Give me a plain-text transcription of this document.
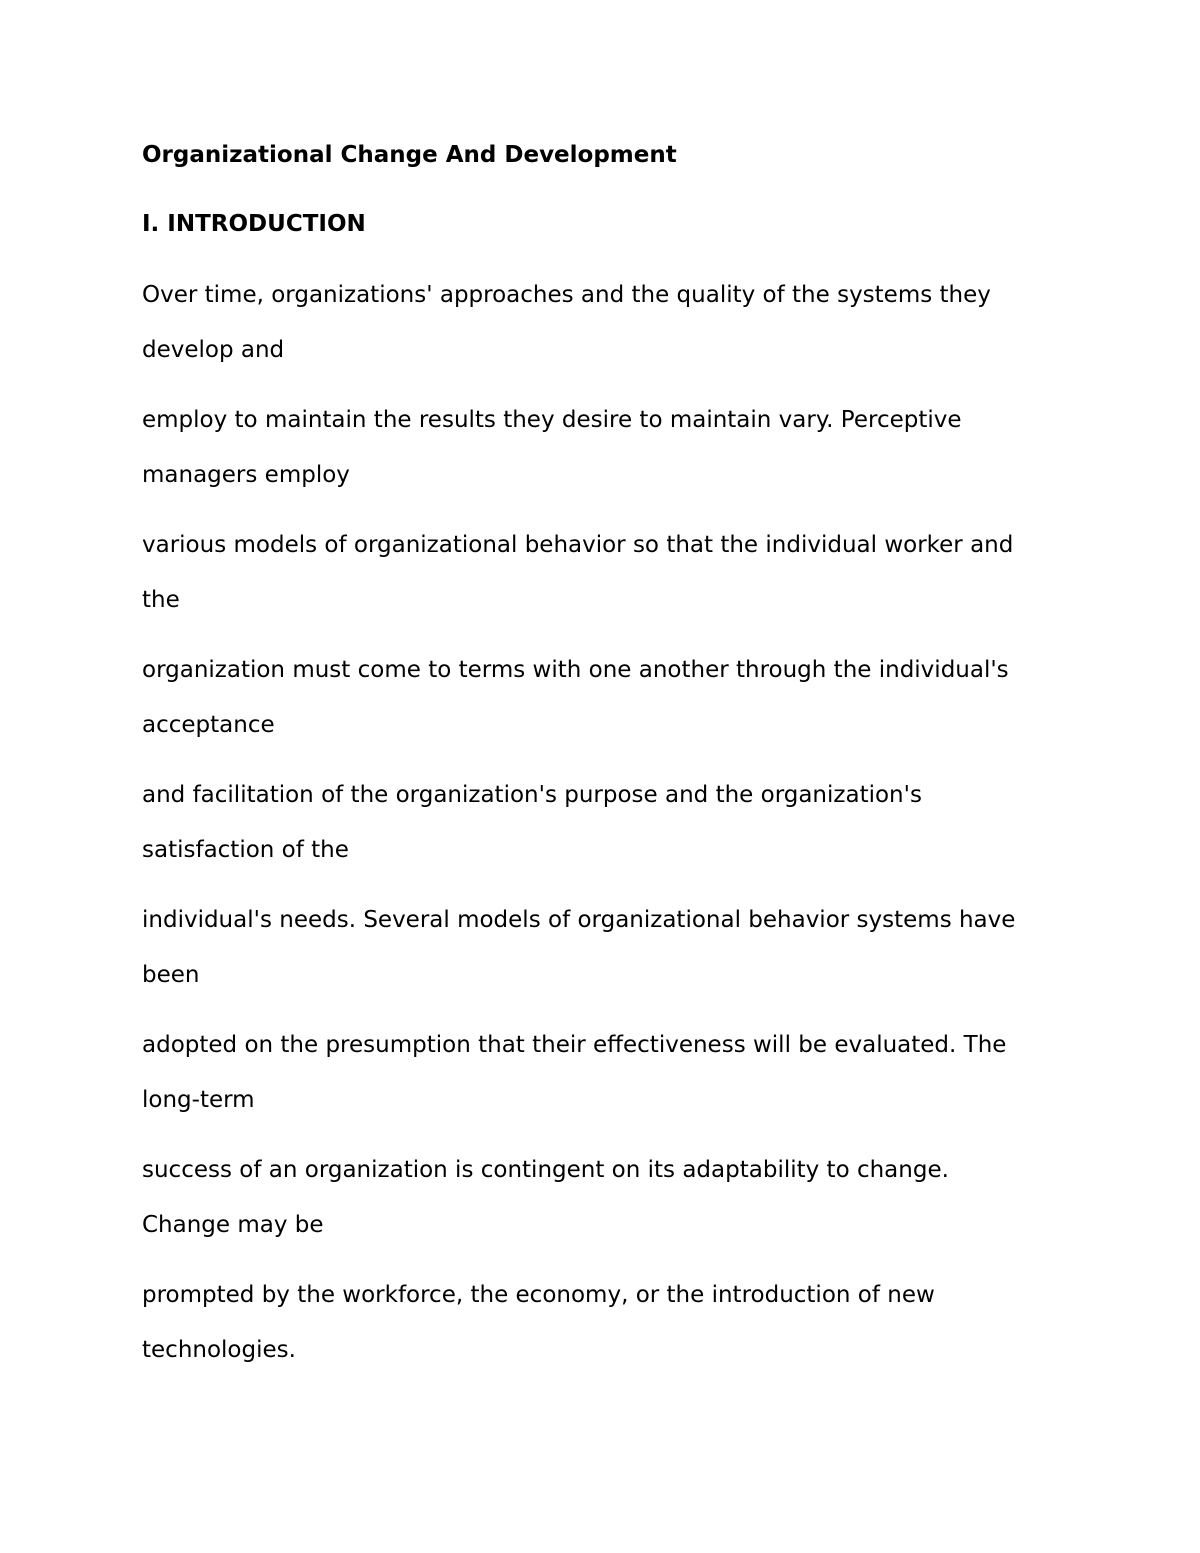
Organizational Change And Development
I. INTRODUCTION

Over time, organizations' approaches and the quality of the systems they
develop and

employ to maintain the results they desire to maintain vary. Perceptive
managers employ

various models of organizational behavior so that the individual worker and
the

organization must come to terms with one another through the individual's
acceptance

and facilitation of the organization's purpose and the organization's
satisfaction of the

individual's needs. Several models of organizational behavior systems have
been

adopted on the presumption that their effectiveness will be evaluated. The
long-term

success of an organization is contingent on its adaptability to change.
Change may be

prompted by the workforce, the economy, or the introduction of new
technologies.
